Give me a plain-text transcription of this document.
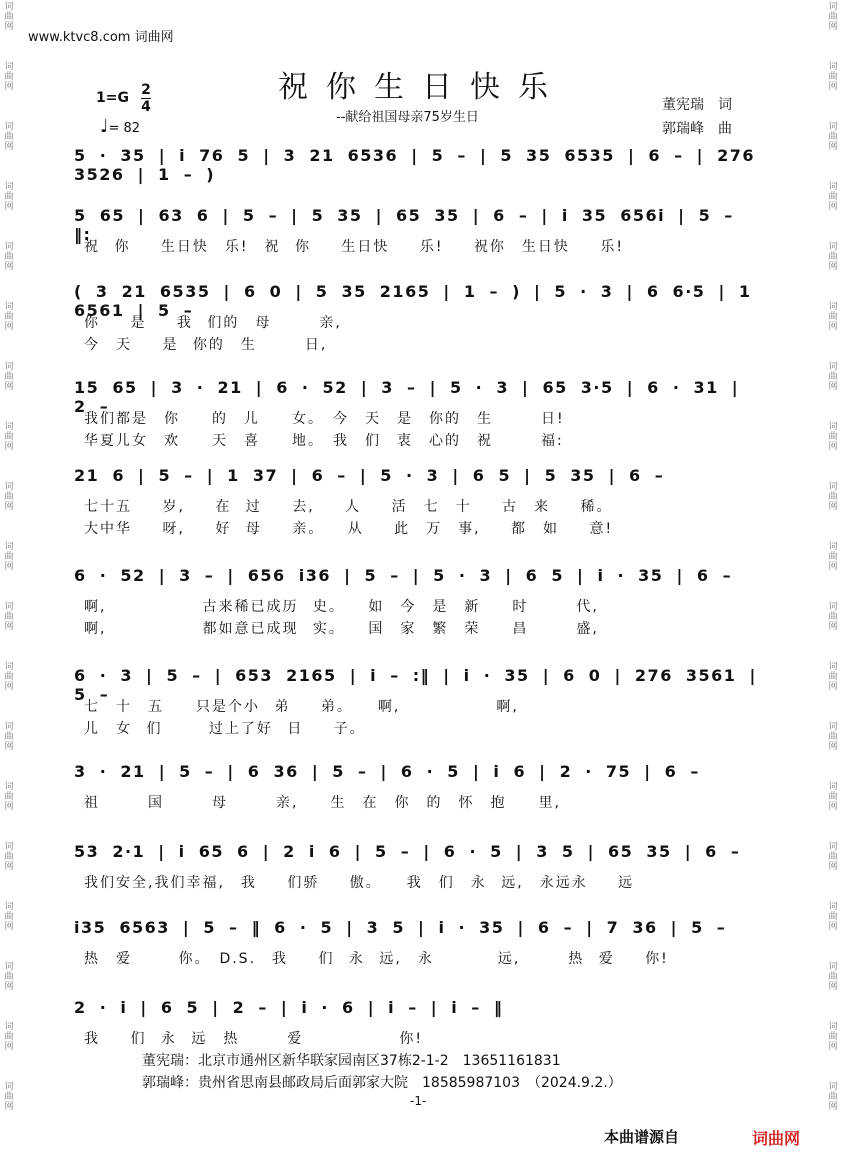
www.ktvc8.com 词曲网
词曲网
词曲网
词曲网
词曲网
词曲网
词曲网
词曲网
词曲网
词曲网
词曲网
词曲网
词曲网
词曲网
词曲网
词曲网
词曲网
词曲网
词曲网
词曲网
词曲网
词曲网
词曲网
词曲网
词曲网
词曲网
词曲网
词曲网
词曲网
词曲网
词曲网
词曲网
词曲网
词曲网
词曲网
词曲网
词曲网
词曲网
词曲网
祝你生日快乐
--献给祖国母亲75岁生日
1=G 2
4
♩= 82
董宪瑞　词
郭瑞峰　曲
5 · 35 | i 76 5 | 3 21 6536 | 5 – | 5 35 6535 | 6 – | 276 3526 | 1 – )
5 65 | 63 6 | 5 – | 5 35 | 65 35 | 6 – | i 35 656i | 5 – ‖:
祝 你 　生日快　乐!　祝 你　 生日快　 乐!　 祝你　生日快　 乐!
( 3 21 6535 | 6 0 | 5 35 2165 | 1 – ) | 5 · 3 | 6 6·5 | 1 6561 | 5 –
你　 是　 我 们的　母　　　亲,
今　天　 是 你的　生　　　日,
15 65 | 3 · 21 | 6 · 52 | 3 – | 5 · 3 | 65 3·5 | 6 · 31 | 2 –
我们都是　你　　的　儿　　女。　今　天　是　你的　生　　　日!
华夏儿女　欢　　天　喜　　地。　我　们　衷　心的　祝　　　福:
21 6 | 5 – | 1 37 | 6 – | 5 · 3 | 6 5 | 5 35 | 6 –
七十五　 岁,　 在 过　 去,　 人　 活　七　十　 古　来　 稀。
大中华　 呀,　 好 母　 亲。　 从　 此　万　事,　 都　如　 意!
6 · 52 | 3 – | 656 i36 | 5 – | 5 · 3 | 6 5 | i · 35 | 6 –
啊,　　　　　　古来稀已成历 史。　 如　今　是　新　　时　　　代,
啊,　　　　　　都如意已成现 实。　 国　家　繁　荣　　昌　　　盛,
6 · 3 | 5 – | 653 2165 | i – :‖ | i · 35 | 6 0 | 276 3561 | 5 –
七　十　五　　只是个小 弟　 弟。　　啊,　　　　　　啊,
儿　女 们　　 过上了好 日　 子。
3 · 21 | 5 – | 6 36 | 5 – | 6 · 5 | i 6 | 2 · 75 | 6 –
祖　　　国　　　母　　　亲,　　生　在　你　的　怀　抱　　里,
53 2·1 | i 65 6 | 2 i 6 | 5 – | 6 · 5 | 3 5 | 65 35 | 6 –
我们安全,我们幸福,　我　 们骄　 傲。　　我　们　永 远,　永远永　 远
i35 6563 | 5 – ‖ 6 · 5 | 3 5 | i · 35 | 6 – | 7 36 | 5 –
热　爱　　 你。　D.S.　我　 们 永 远,　永　　　　远,　　　热 爱　 你!
2 · i | 6 5 | 2 – | i · 6 | i – | i – ‖
我　 们 永 远　热　　　爱　　　　　　你!
董宪瑞：北京市通州区新华联家园南区37栋2-1-2　13651161831
郭瑞峰：贵州省思南县邮政局后面郭家大院　18585987103　（2024.9.2.）
-1-
本曲谱源自	词曲网
